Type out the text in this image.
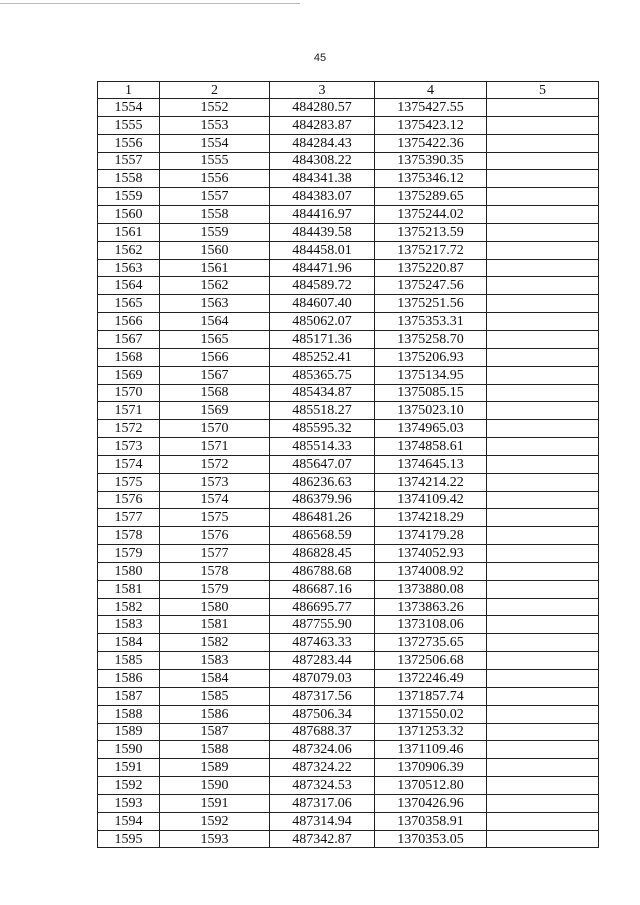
45
1	2	3	4	5
1554	1552	484280.57	1375427.55	
1555	1553	484283.87	1375423.12	
1556	1554	484284.43	1375422.36	
1557	1555	484308.22	1375390.35	
1558	1556	484341.38	1375346.12	
1559	1557	484383.07	1375289.65	
1560	1558	484416.97	1375244.02	
1561	1559	484439.58	1375213.59	
1562	1560	484458.01	1375217.72	
1563	1561	484471.96	1375220.87	
1564	1562	484589.72	1375247.56	
1565	1563	484607.40	1375251.56	
1566	1564	485062.07	1375353.31	
1567	1565	485171.36	1375258.70	
1568	1566	485252.41	1375206.93	
1569	1567	485365.75	1375134.95	
1570	1568	485434.87	1375085.15	
1571	1569	485518.27	1375023.10	
1572	1570	485595.32	1374965.03	
1573	1571	485514.33	1374858.61	
1574	1572	485647.07	1374645.13	
1575	1573	486236.63	1374214.22	
1576	1574	486379.96	1374109.42	
1577	1575	486481.26	1374218.29	
1578	1576	486568.59	1374179.28	
1579	1577	486828.45	1374052.93	
1580	1578	486788.68	1374008.92	
1581	1579	486687.16	1373880.08	
1582	1580	486695.77	1373863.26	
1583	1581	487755.90	1373108.06	
1584	1582	487463.33	1372735.65	
1585	1583	487283.44	1372506.68	
1586	1584	487079.03	1372246.49	
1587	1585	487317.56	1371857.74	
1588	1586	487506.34	1371550.02	
1589	1587	487688.37	1371253.32	
1590	1588	487324.06	1371109.46	
1591	1589	487324.22	1370906.39	
1592	1590	487324.53	1370512.80	
1593	1591	487317.06	1370426.96	
1594	1592	487314.94	1370358.91	
1595	1593	487342.87	1370353.05	
